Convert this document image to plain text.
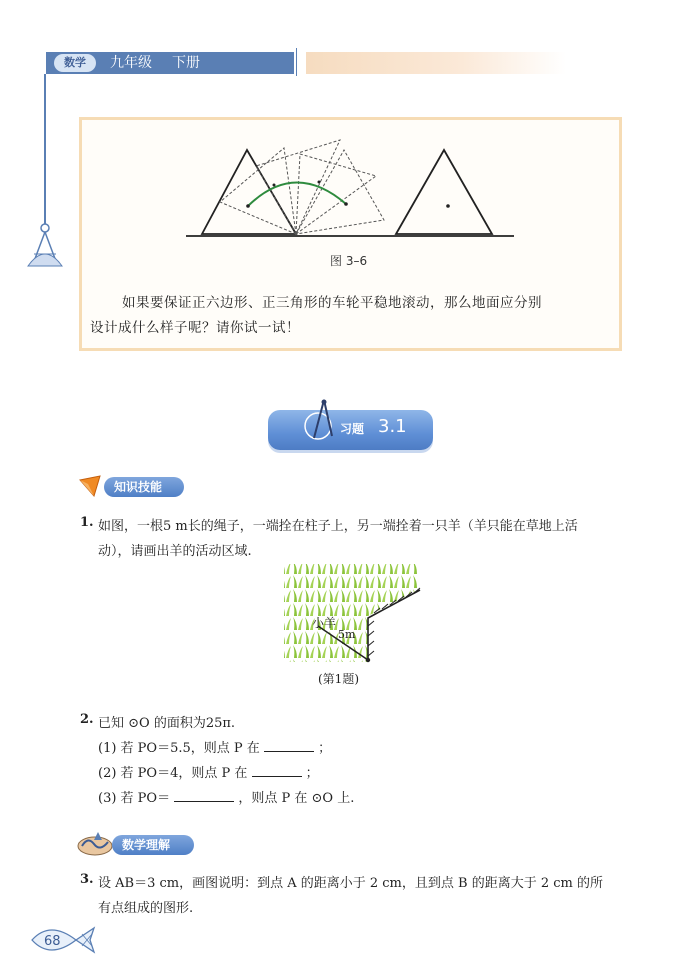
数学	九年级 下册
图 3–6
如果要保证正六边形、正三角形的车轮平稳地滚动，那么地面应分别
设计成什么样子呢？请你试一试！
习题 3.1
知识技能
1. 如图，一根5 m长的绳子，一端拴在柱子上，另一端拴着一只羊（羊只能在草地上活
动），请画出羊的活动区域.
小羊
5m
(第1题)
2. 已知 ⊙O 的面积为25π.
(1) 若 PO＝5.5，则点 P 在	；
(2) 若 PO＝4，则点 P 在	；
(3) 若 PO＝	，则点 P 在 ⊙O 上.
数学理解
3. 设 AB＝3 cm，画图说明：到点 A 的距离小于 2 cm，且到点 B 的距离大于 2 cm 的所
有点组成的图形.
68
